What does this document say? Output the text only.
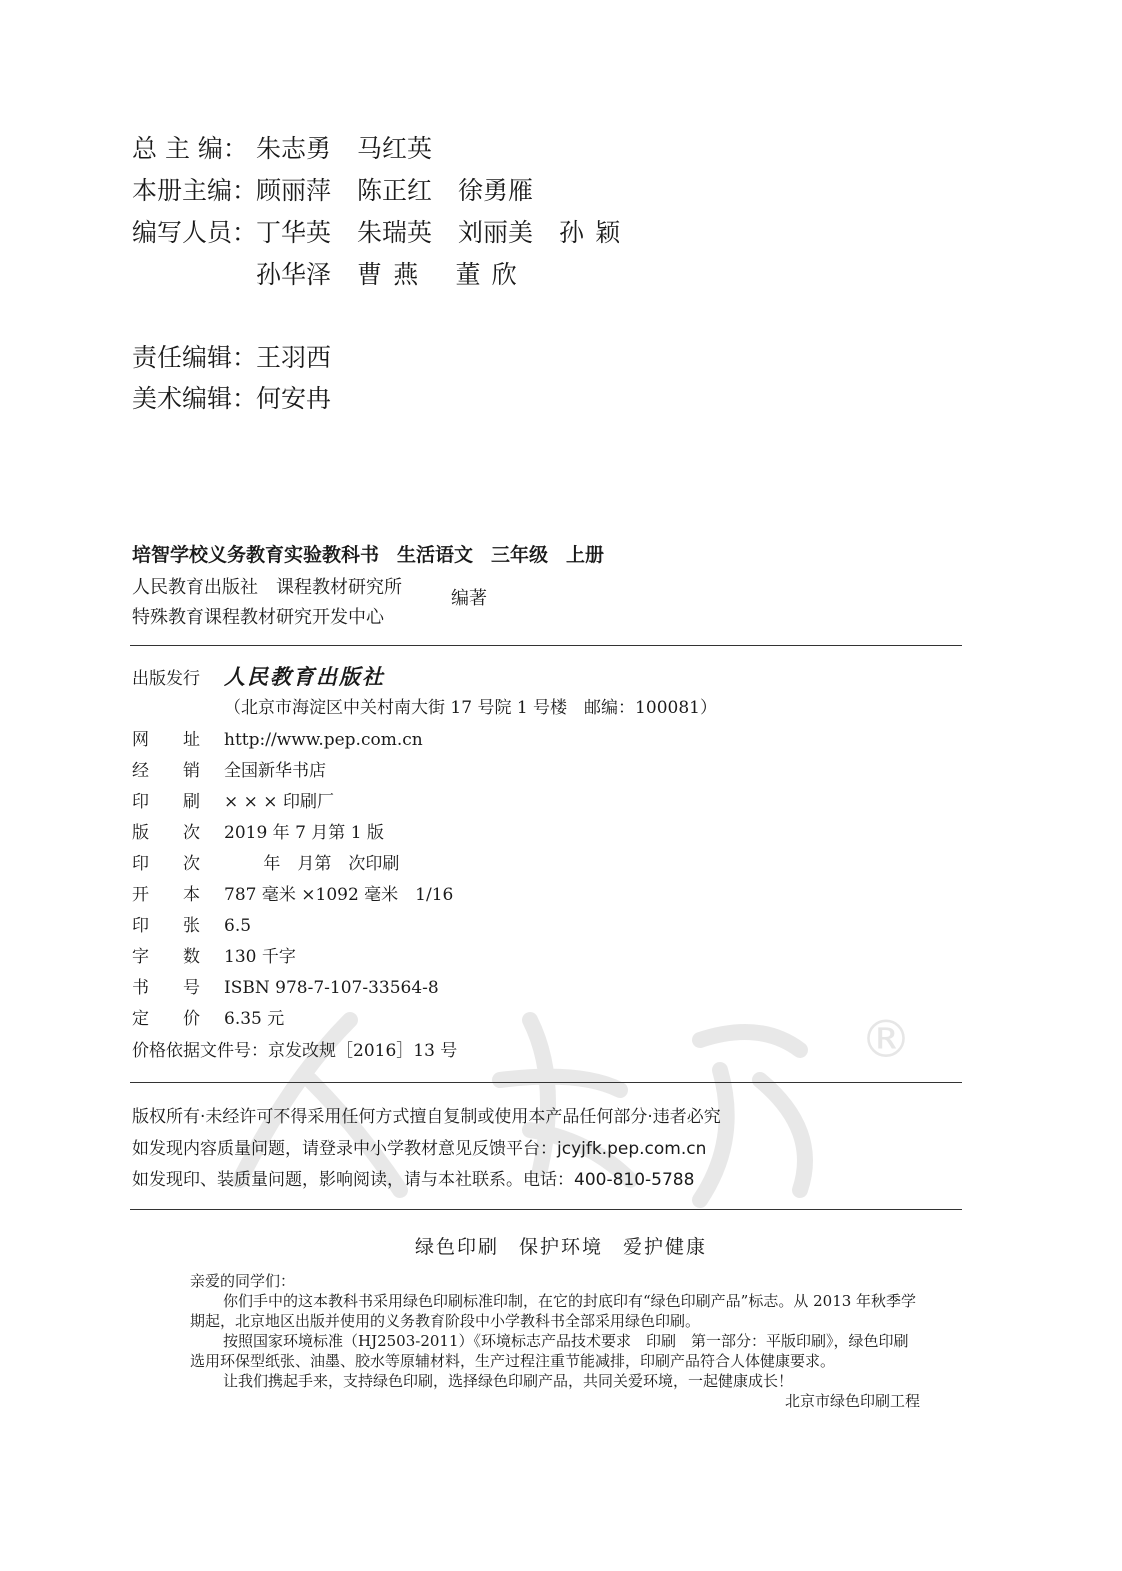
®
总 主 编： 朱志勇 马红英
本册主编：顾丽萍 陈正红 徐勇雁
编写人员：丁华英 朱瑞英 刘丽美 孙颖
孙华泽 曹燕 董欣
责任编辑：王羽西
美术编辑：何安冉
培智学校义务教育实验教科书 生活语文 三年级 上册
人民教育出版社　课程教材研究所
特殊教育课程教材研究开发中心
编著
出版发行 人民教育出版社
（北京市海淀区中关村南大街 17 号院 1 号楼　邮编：100081）
网　　址 http://www.pep.com.cn
经　　销 全国新华书店
印　　刷 × × × 印刷厂
版　　次 2019 年 7 月第 1 版
印　　次　　 年　月第　次印刷
开　　本 787 毫米 ×1092 毫米　1/16
印　　张 6.5
字　　数 130 千字
书　　号 ISBN 978-7-107-33564-8
定　　价 6.35 元
价格依据文件号：京发改规［2016］13 号
版权所有·未经许可不得采用任何方式擅自复制或使用本产品任何部分·违者必究
如发现内容质量问题，请登录中小学教材意见反馈平台：jcyjfk.pep.com.cn
如发现印、装质量问题，影响阅读，请与本社联系。电话：400-810-5788
绿色印刷 保护环境 爱护健康

亲爱的同学们：

你们手中的这本教科书采用绿色印刷标准印制，在它的封底印有“绿色印刷产品”标志。从 2013 年秋季学期起，北京地区出版并使用的义务教育阶段中小学教科书全部采用绿色印刷。

按照国家环境标准（HJ2503-2011）《环境标志产品技术要求　印刷　第一部分：平版印刷》，绿色印刷选用环保型纸张、油墨、胶水等原辅材料，生产过程注重节能减排，印刷产品符合人体健康要求。

让我们携起手来，支持绿色印刷，选择绿色印刷产品，共同关爱环境，一起健康成长！

北京市绿色印刷工程
